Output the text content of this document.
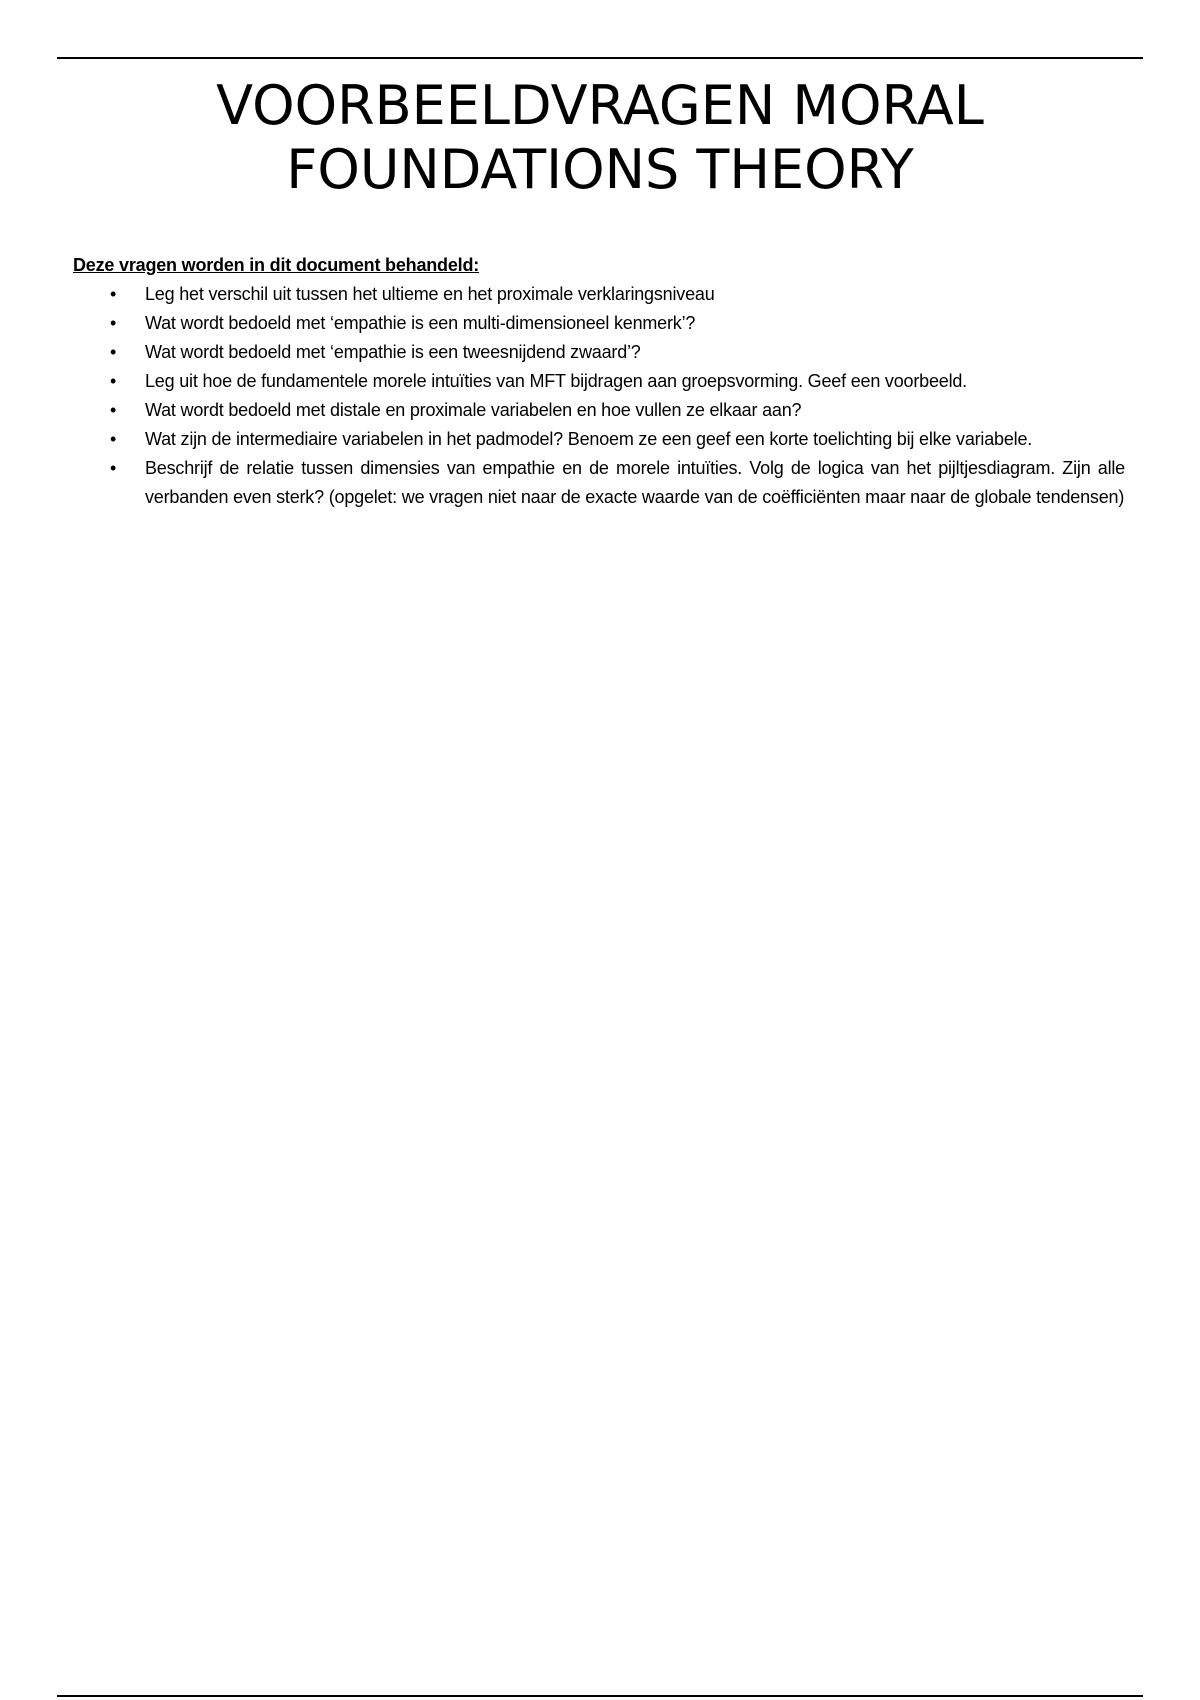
VOORBEELDVRAGEN MORAL
FOUNDATIONS THEORY

Deze vragen worden in dit document behandeld:

• Leg het verschil uit tussen het ultieme en het proximale verklaringsniveau
• Wat wordt bedoeld met ‘empathie is een multi-dimensioneel kenmerk’?
• Wat wordt bedoeld met ‘empathie is een tweesnijdend zwaard’?
• Leg uit hoe de fundamentele morele intuïties van MFT bijdragen aan groepsvorming. Geef een voorbeeld.
• Wat wordt bedoeld met distale en proximale variabelen en hoe vullen ze elkaar aan?
• Wat zijn de intermediaire variabelen in het padmodel? Benoem ze een geef een korte toelichting bij elke variabele.
• Beschrijf de relatie tussen dimensies van empathie en de morele intuïties. Volg de logica van het pijltjesdiagram. Zijn alle verbanden even sterk? (opgelet: we vragen niet naar de exacte waarde van de coëfficiënten maar naar de globale tendensen)
